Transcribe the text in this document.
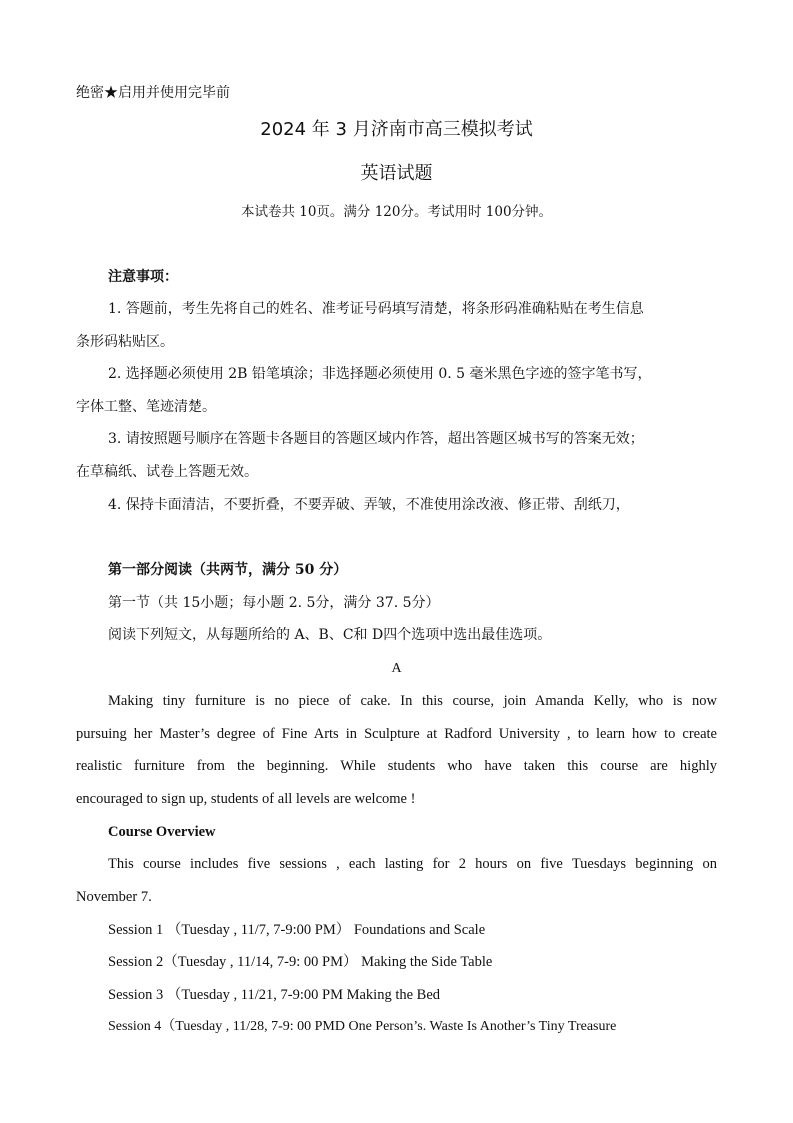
绝密★启用并使用完毕前
2024 年 3 月济南市高三模拟考试
英语试题
本试卷共 10页。满分 120分。考试用时 100分钟。
注意事项：
1. 答题前，考生先将自己的姓名、准考证号码填写清楚，将条形码准确粘贴在考生信息
条形码粘贴区。
2. 选择题必须使用 2B 铅笔填涂；非选择题必须使用 0. 5 毫米黑色字迹的签字笔书写，
字体工整、笔迹清楚。
3. 请按照题号顺序在答题卡各题目的答题区域内作答，超出答题区城书写的答案无效；
在草稿纸、试卷上答题无效。
4. 保持卡面清洁，不要折叠，不要弄破、弄皱，不准使用涂改液、修正带、刮纸刀，
第一部分阅读（共两节，满分 50 分）
第一节（共 15小题；每小题 2. 5分，满分 37. 5分）
阅读下列短文，从每题所给的 A、B、C和 D四个选项中选出最佳选项。
A
Making tiny furniture is no piece of cake. In this course, join Amanda Kelly, who is now
pursuing her Master’s degree of Fine Arts in Sculpture at Radford University , to learn how to create
realistic furniture from the beginning. While students who have taken this course are highly
encouraged to sign up, students of all levels are welcome !
Course Overview
This course includes five sessions , each lasting for 2 hours on five Tuesdays beginning on
November 7.
Session 1 （Tuesday , 11/7, 7-9:00 PM） Foundations and Scale
Session 2（Tuesday , 11/14, 7-9: 00 PM） Making the Side Table
Session 3 （Tuesday , 11/21, 7-9:00 PM Making the Bed
Session 4（Tuesday , 11/28, 7-9: 00 PMD One Person’s. Waste Is Another’s Tiny Treasure
